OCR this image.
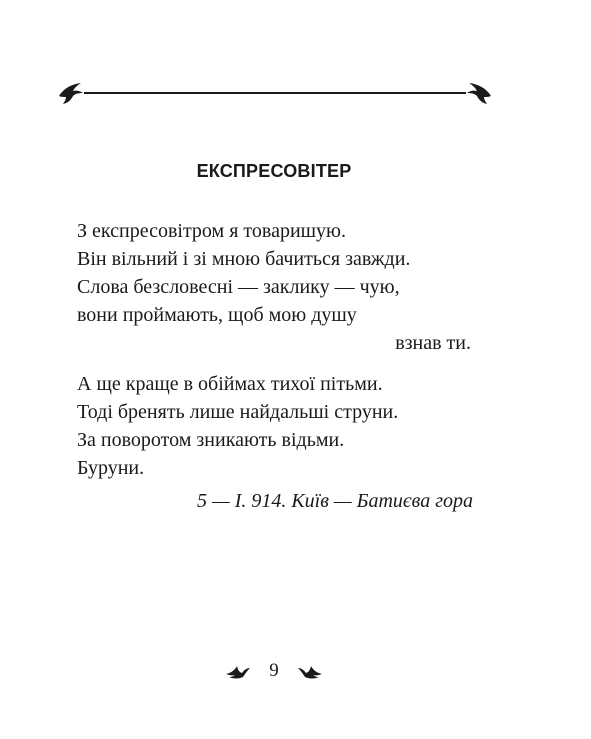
ЕКСПРЕСОВІТЕР
З експресовітром я товаришую.
Він вільний і зі мною бачиться завжди.
Слова безсловесні — заклику — чую,
вони проймають, щоб мою душу
взнав ти.
А ще краще в обіймах тихої пітьми.
Тоді бренять лише найдальші струни.
За поворотом зникають відьми.
Буруни.
5 — І. 914. Київ — Батиєва гора
9
